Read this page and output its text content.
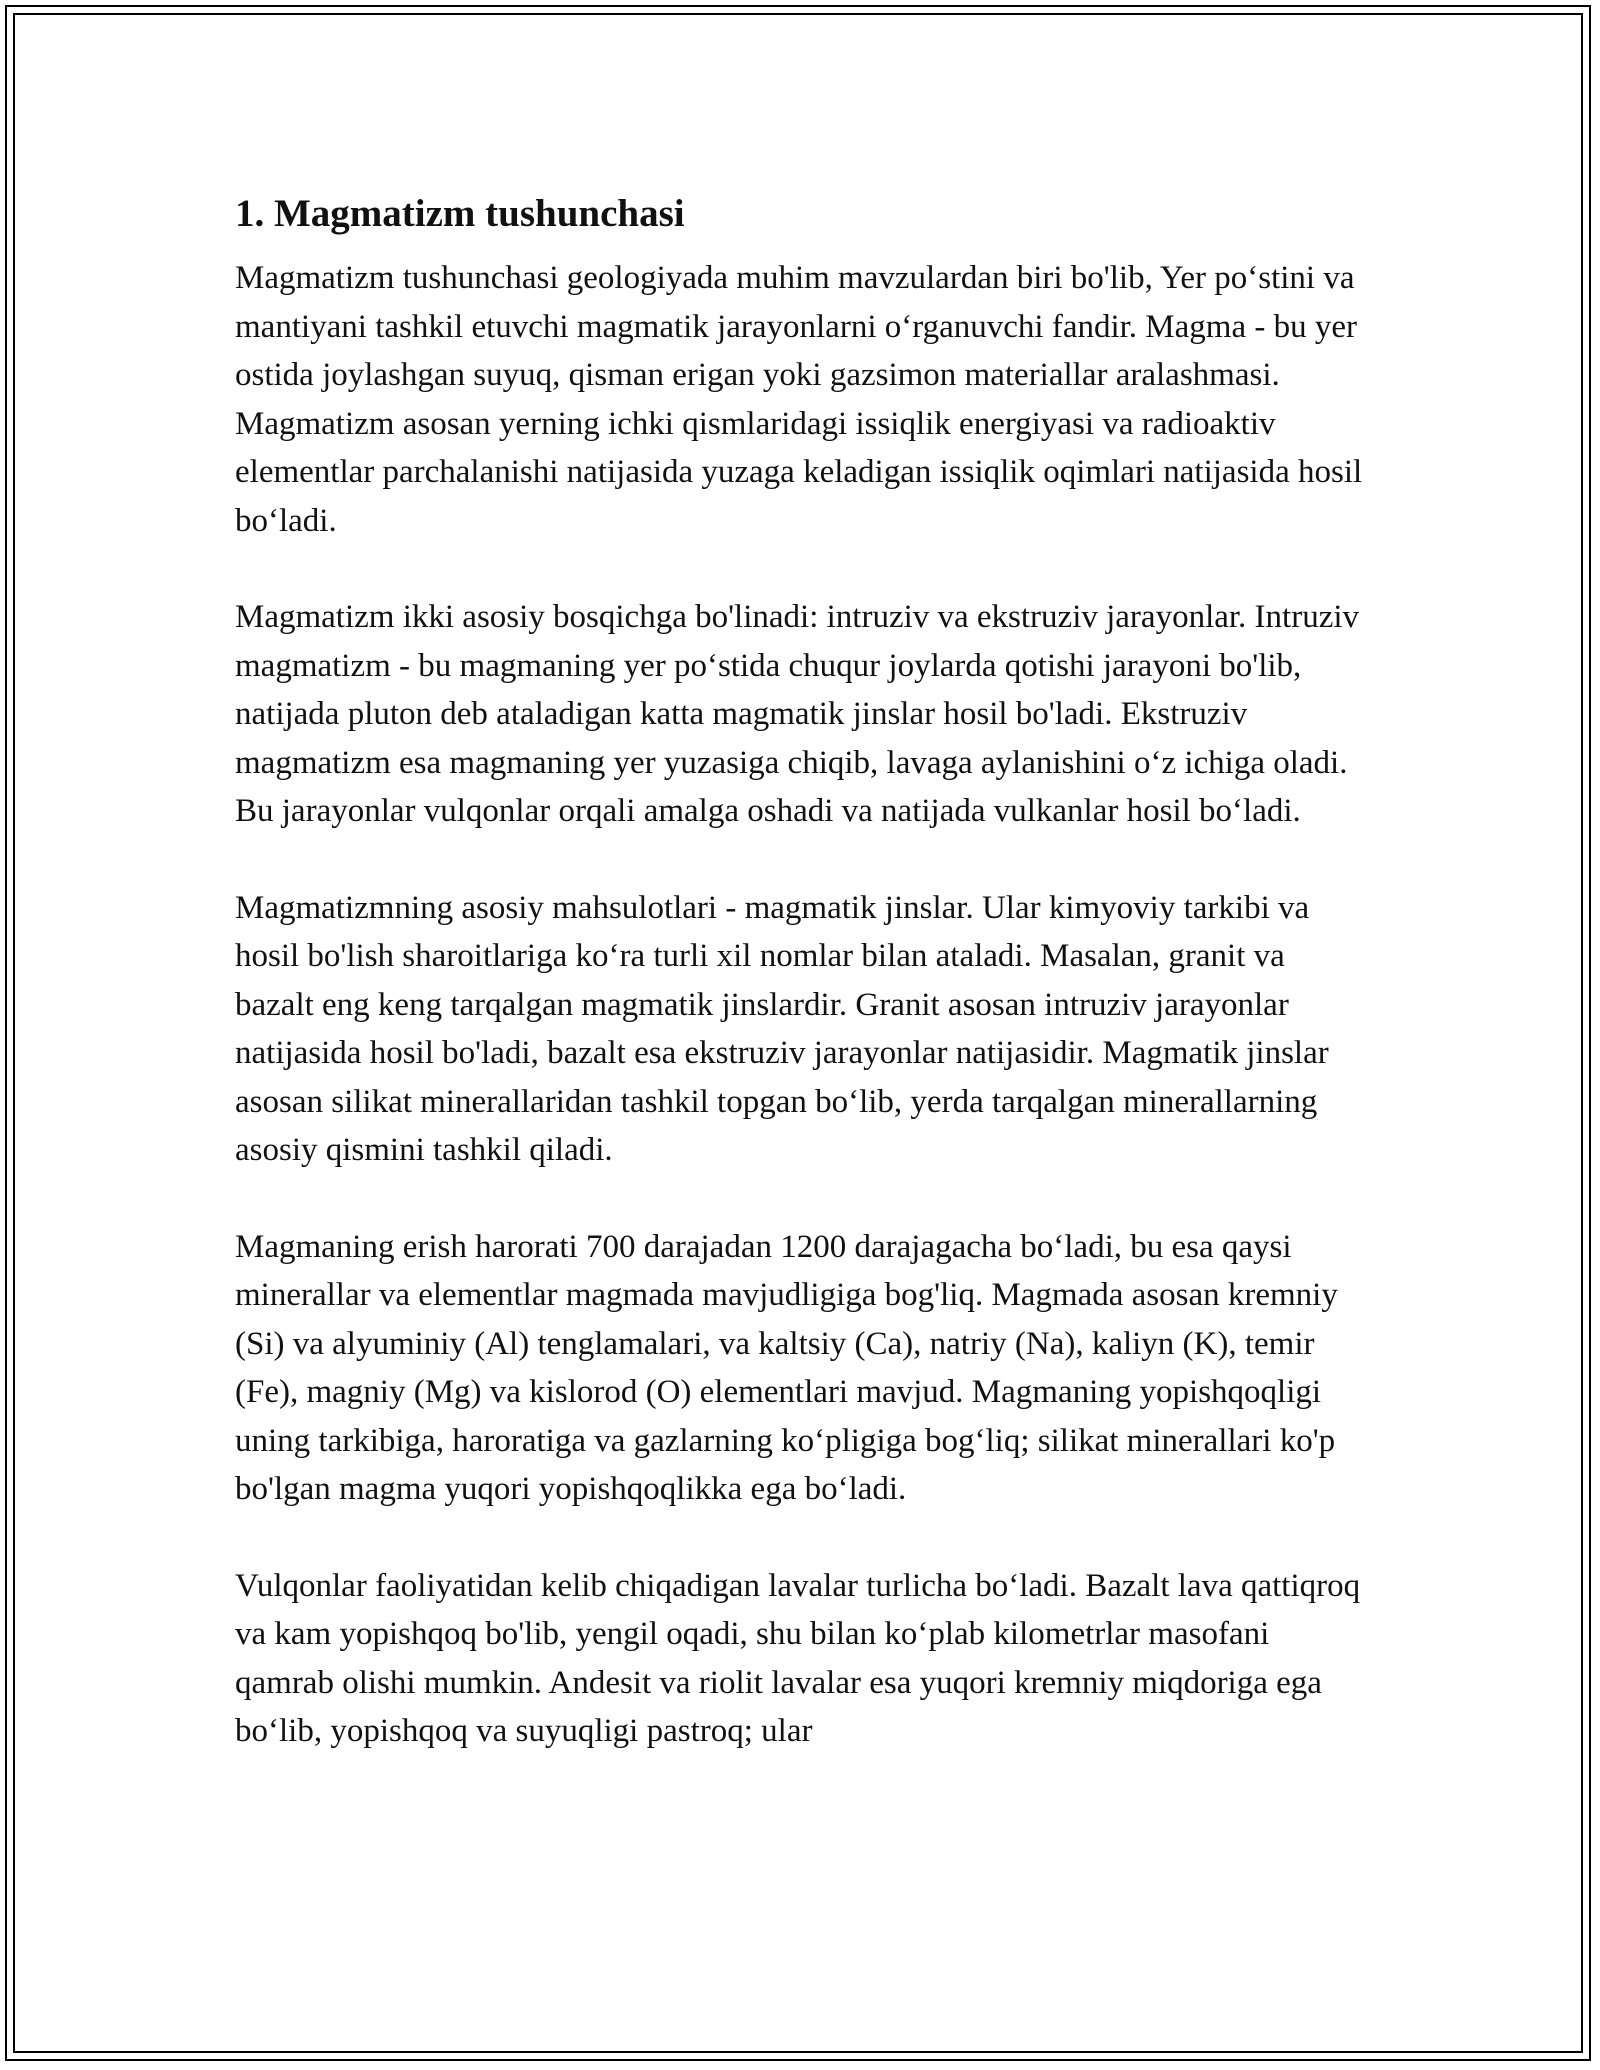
1. Magmatizm tushunchasi

Magmatizm tushunchasi geologiyada muhim mavzulardan biri bo'lib, Yer po‘stini va mantiyani tashkil etuvchi magmatik jarayonlarni o‘rganuvchi fandir. Magma - bu yer ostida joylashgan suyuq, qisman erigan yoki gazsimon materiallar aralashmasi. Magmatizm asosan yerning ichki qismlaridagi issiqlik energiyasi va radioaktiv elementlar parchalanishi natijasida yuzaga keladigan issiqlik oqimlari natijasida hosil bo‘ladi.

Magmatizm ikki asosiy bosqichga bo'linadi: intruziv va ekstruziv jarayonlar. Intruziv magmatizm - bu magmaning yer po‘stida chuqur joylarda qotishi jarayoni bo'lib, natijada pluton deb ataladigan katta magmatik jinslar hosil bo'ladi. Ekstruziv magmatizm esa magmaning yer yuzasiga chiqib, lavaga aylanishini o‘z ichiga oladi. Bu jarayonlar vulqonlar orqali amalga oshadi va natijada vulkanlar hosil bo‘ladi.

Magmatizmning asosiy mahsulotlari - magmatik jinslar. Ular kimyoviy tarkibi va hosil bo'lish sharoitlariga ko‘ra turli xil nomlar bilan ataladi. Masalan, granit va bazalt eng keng tarqalgan magmatik jinslardir. Granit asosan intruziv jarayonlar natijasida hosil bo'ladi, bazalt esa ekstruziv jarayonlar natijasidir. Magmatik jinslar asosan silikat minerallaridan tashkil topgan bo‘lib, yerda tarqalgan minerallarning asosiy qismini tashkil qiladi.

Magmaning erish harorati 700 darajadan 1200 darajagacha bo‘ladi, bu esa qaysi minerallar va elementlar magmada mavjudligiga bog'liq. Magmada asosan kremniy (Si) va alyuminiy (Al) tenglamalari, va kaltsiy (Ca), natriy (Na), kaliyn (K), temir (Fe), magniy (Mg) va kislorod (O) elementlari mavjud. Magmaning yopishqoqligi uning tarkibiga, haroratiga va gazlarning ko‘pligiga bog‘liq; silikat minerallari ko'p bo'lgan magma yuqori yopishqoqlikka ega bo‘ladi.

Vulqonlar faoliyatidan kelib chiqadigan lavalar turlicha bo‘ladi. Bazalt lava qattiqroq va kam yopishqoq bo'lib, yengil oqadi, shu bilan ko‘plab kilometrlar masofani qamrab olishi mumkin. Andesit va riolit lavalar esa yuqori kremniy miqdoriga ega bo‘lib, yopishqoq va suyuqligi pastroq; ular
